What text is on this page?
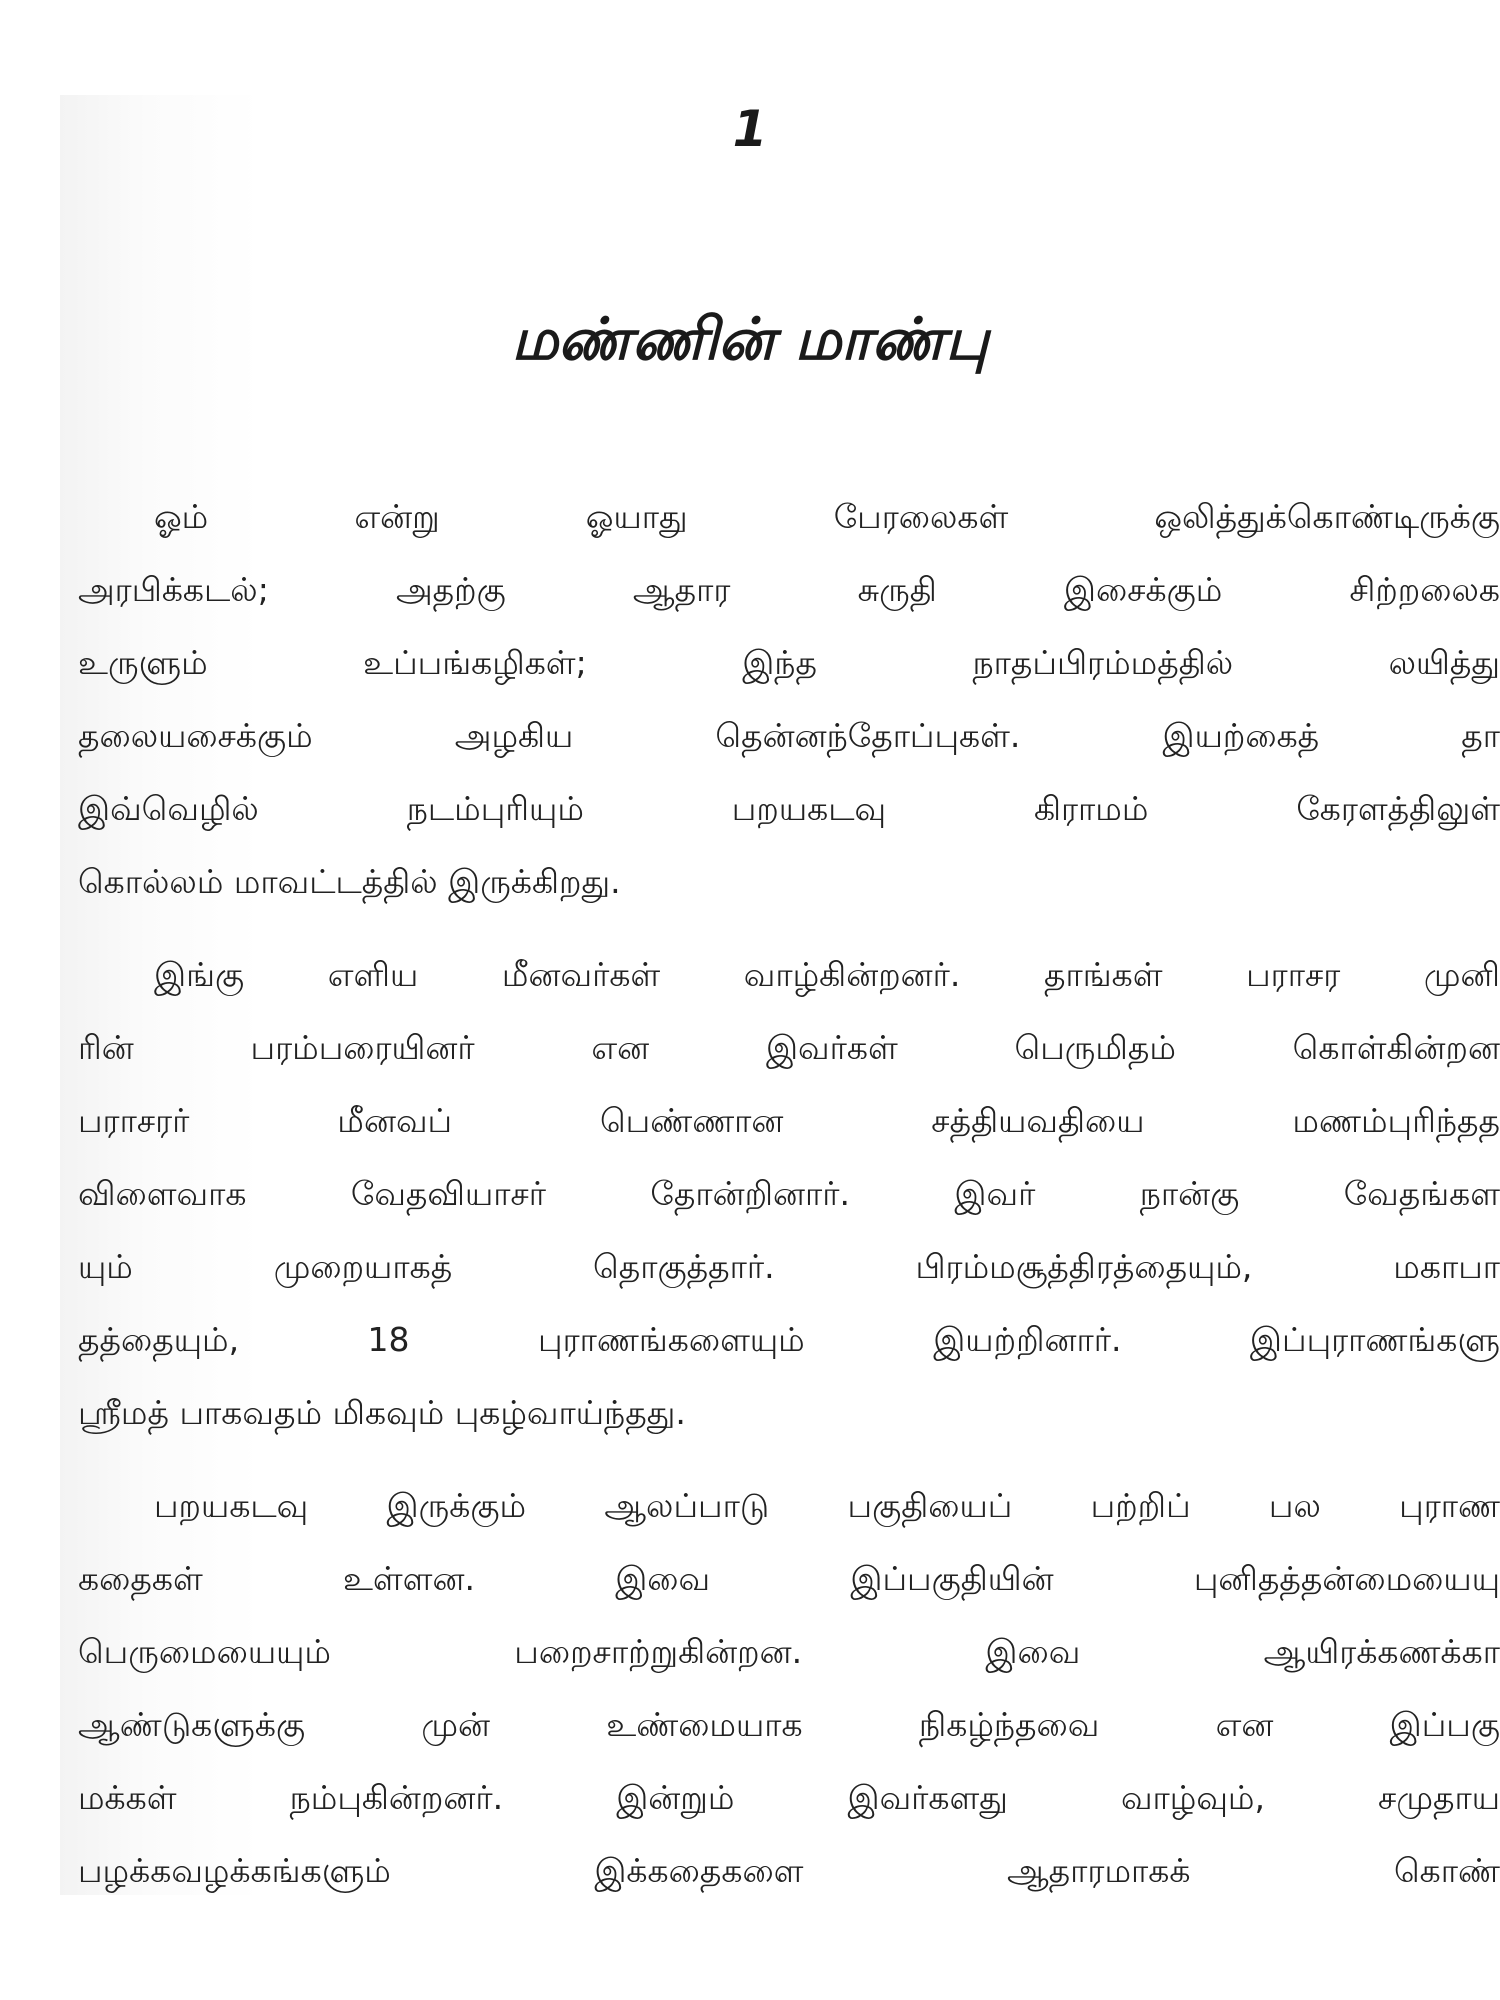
1
மண்ணின் மாண்பு
ஓம் என்று ஓயாது பேரலைகள் ஒலித்துக்கொண்டிருக்கு
அரபிக்கடல்; அதற்கு ஆதார சுருதி இசைக்கும் சிற்றலைக
உருளும் உப்பங்கழிகள்; இந்த நாதப்பிரம்மத்தில் லயித்து
தலையசைக்கும் அழகிய தென்னந்தோப்புகள். இயற்கைத் தா
இவ்வெழில் நடம்புரியும் பறயகடவு கிராமம் கேரளத்திலுள்
கொல்லம் மாவட்டத்தில் இருக்கிறது.
இங்கு எளிய மீனவர்கள் வாழ்கின்றனர். தாங்கள் பராசர முனி
ரின் பரம்பரையினர் என இவர்கள் பெருமிதம் கொள்கின்றன
பராசரர் மீனவப் பெண்ணான சத்தியவதியை மணம்புரிந்தத
விளைவாக வேதவியாசர் தோன்றினார். இவர் நான்கு வேதங்கள
யும் முறையாகத் தொகுத்தார். பிரம்மசூத்திரத்தையும், மகாபா
தத்தையும், 18 புராணங்களையும் இயற்றினார். இப்புராணங்களு
ஸ்ரீமத் பாகவதம் மிகவும் புகழ்வாய்ந்தது.
பறயகடவு இருக்கும் ஆலப்பாடு பகுதியைப் பற்றிப் பல புராண
கதைகள் உள்ளன. இவை இப்பகுதியின் புனிதத்தன்மையையு
பெருமையையும் பறைசாற்றுகின்றன. இவை ஆயிரக்கணக்கா
ஆண்டுகளுக்கு முன் உண்மையாக நிகழ்ந்தவை என இப்பகு
மக்கள் நம்புகின்றனர். இன்றும் இவர்களது வாழ்வும், சமுதாய
பழக்கவழக்கங்களும் இக்கதைகளை ஆதாரமாகக் கொண்
